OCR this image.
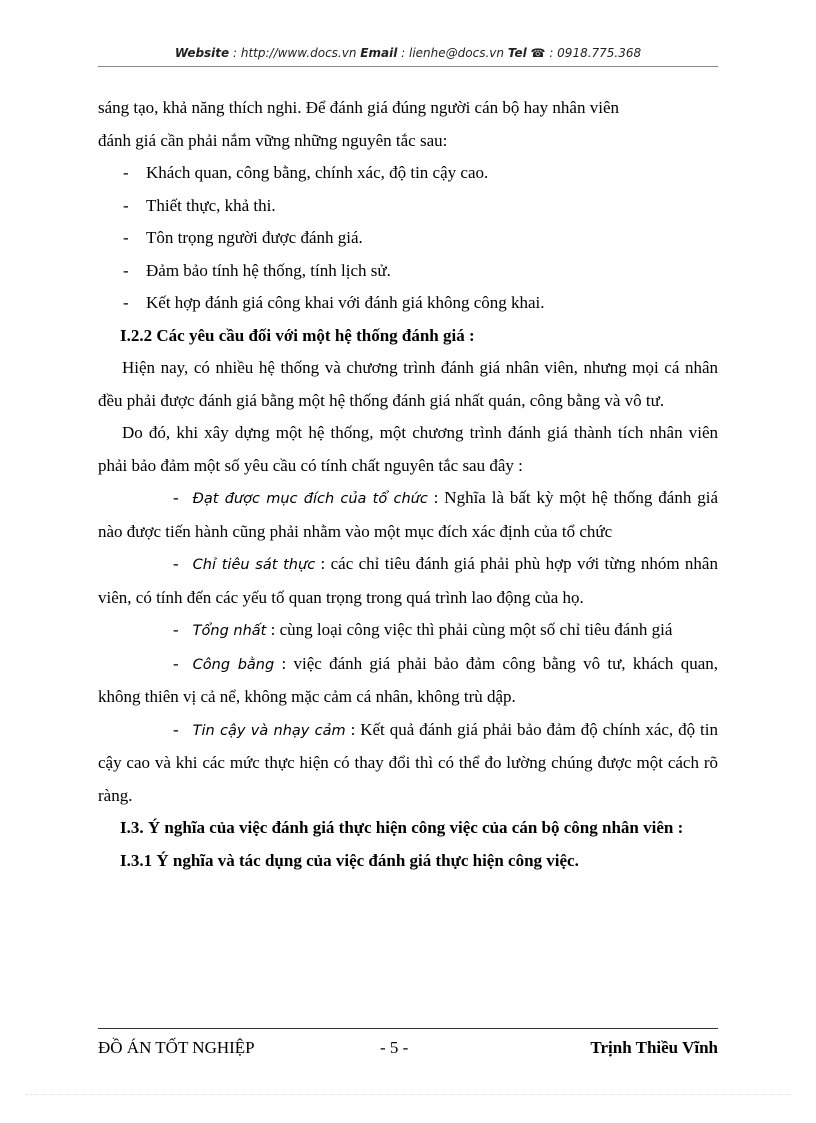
Website : http://www.docs.vn Email : lienhe@docs.vn Tel ☎ : 0918.775.368

sáng tạo, khả năng thích nghi. Để đánh giá đúng người cán bộ hay nhân viên

đánh giá cần phải nắm vững những nguyên tắc sau:

- Khách quan, công bằng, chính xác, độ tin cậy cao.

- Thiết thực, khả thi.

- Tôn trọng người được đánh giá.

- Đảm bảo tính hệ thống, tính lịch sử.

- Kết hợp đánh giá công khai với đánh giá không công khai.

I.2.2 Các yêu cầu đối với một hệ thống đánh giá :

Hiện nay, có nhiều hệ thống và chương trình đánh giá nhân viên, nhưng mọi cá nhân đều phải được đánh giá bằng một hệ thống đánh giá nhất quán, công bằng và vô tư.

Do đó, khi xây dựng một hệ thống, một chương trình đánh giá thành tích nhân viên phải bảo đảm một số yêu cầu có tính chất nguyên tắc sau đây :

- Đạt được mục đích của tổ chức : Nghĩa là bất kỳ một hệ thống đánh giá nào được tiến hành cũng phải nhằm vào một mục đích xác định của tổ chức

- Chỉ tiêu sát thực : các chỉ tiêu đánh giá phải phù hợp với từng nhóm nhân viên, có tính đến các yếu tố quan trọng trong quá trình lao động của họ.

- Tổng nhất : cùng loại công việc thì phải cùng một số chỉ tiêu đánh giá

- Công bằng : việc đánh giá phải bảo đảm công bằng vô tư, khách quan, không thiên vị cả nể, không mặc cảm cá nhân, không trù dập.

- Tin cậy và nhạy cảm : Kết quả đánh giá phải bảo đảm độ chính xác, độ tin cậy cao và khi các mức thực hiện có thay đổi thì có thể đo lường chúng được một cách rõ ràng.

I.3. Ý nghĩa của việc đánh giá thực hiện công việc của cán bộ công nhân viên :

I.3.1 Ý nghĩa và tác dụng của việc đánh giá thực hiện công việc.

ĐỒ ÁN TỐT NGHIỆP	- 5 -	Trịnh Thiều Vĩnh
